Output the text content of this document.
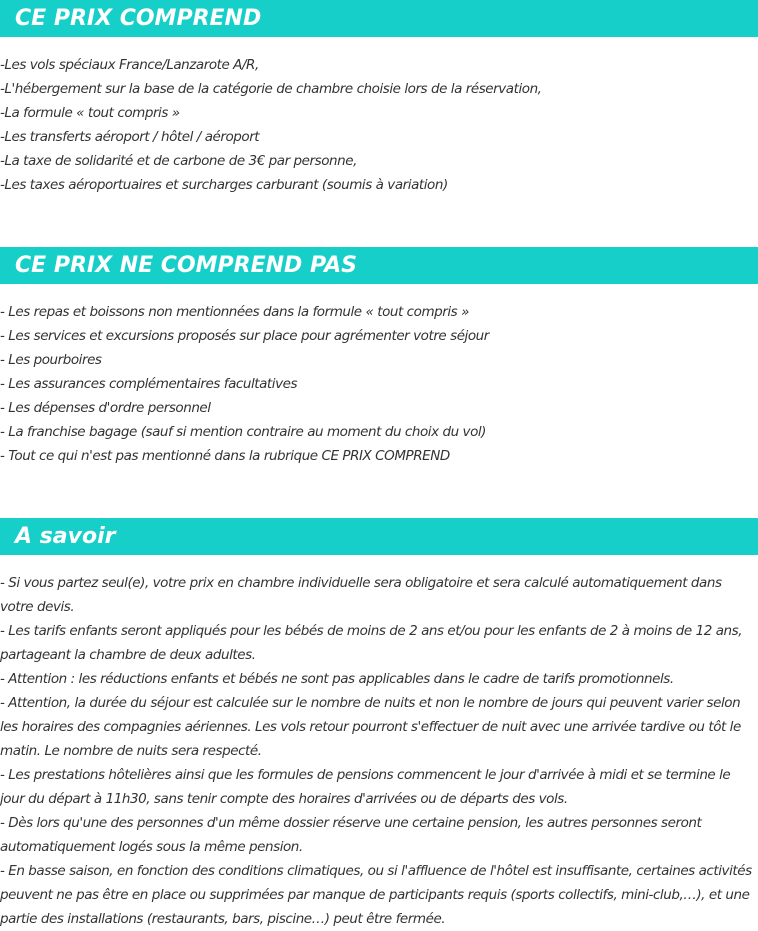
CE PRIX COMPREND
-Les vols spéciaux France/Lanzarote A/R,
-L'hébergement sur la base de la catégorie de chambre choisie lors de la réservation,
-La formule « tout compris »
-Les transferts aéroport / hôtel / aéroport
-La taxe de solidarité et de carbone de 3€ par personne,
-Les taxes aéroportuaires et surcharges carburant (soumis à variation)
CE PRIX NE COMPREND PAS
- Les repas et boissons non mentionnées dans la formule « tout compris »
- Les services et excursions proposés sur place pour agrémenter votre séjour
- Les pourboires
- Les assurances complémentaires facultatives
- Les dépenses d'ordre personnel
- La franchise bagage (sauf si mention contraire au moment du choix du vol)
- Tout ce qui n'est pas mentionné dans la rubrique CE PRIX COMPREND
A savoir

- Si vous partez seul(e), votre prix en chambre individuelle sera obligatoire et sera calculé automatiquement dans votre devis.

- Les tarifs enfants seront appliqués pour les bébés de moins de 2 ans et/ou pour les enfants de 2 à moins de 12 ans, partageant la chambre de deux adultes.

- Attention : les réductions enfants et bébés ne sont pas applicables dans le cadre de tarifs promotionnels.

- Attention, la durée du séjour est calculée sur le nombre de nuits et non le nombre de jours qui peuvent varier selon les horaires des compagnies aériennes. Les vols retour pourront s'effectuer de nuit avec une arrivée tardive ou tôt le matin. Le nombre de nuits sera respecté.

- Les prestations hôtelières ainsi que les formules de pensions commencent le jour d'arrivée à midi et se termine le jour du départ à 11h30, sans tenir compte des horaires d'arrivées ou de départs des vols.

- Dès lors qu'une des personnes d'un même dossier réserve une certaine pension, les autres personnes seront automatiquement logés sous la même pension.

- En basse saison, en fonction des conditions climatiques, ou si l'affluence de l'hôtel est insuffisante, certaines activités peuvent ne pas être en place ou supprimées par manque de participants requis (sports collectifs, mini-club,…), et une partie des installations (restaurants, bars, piscine…) peut être fermée.
